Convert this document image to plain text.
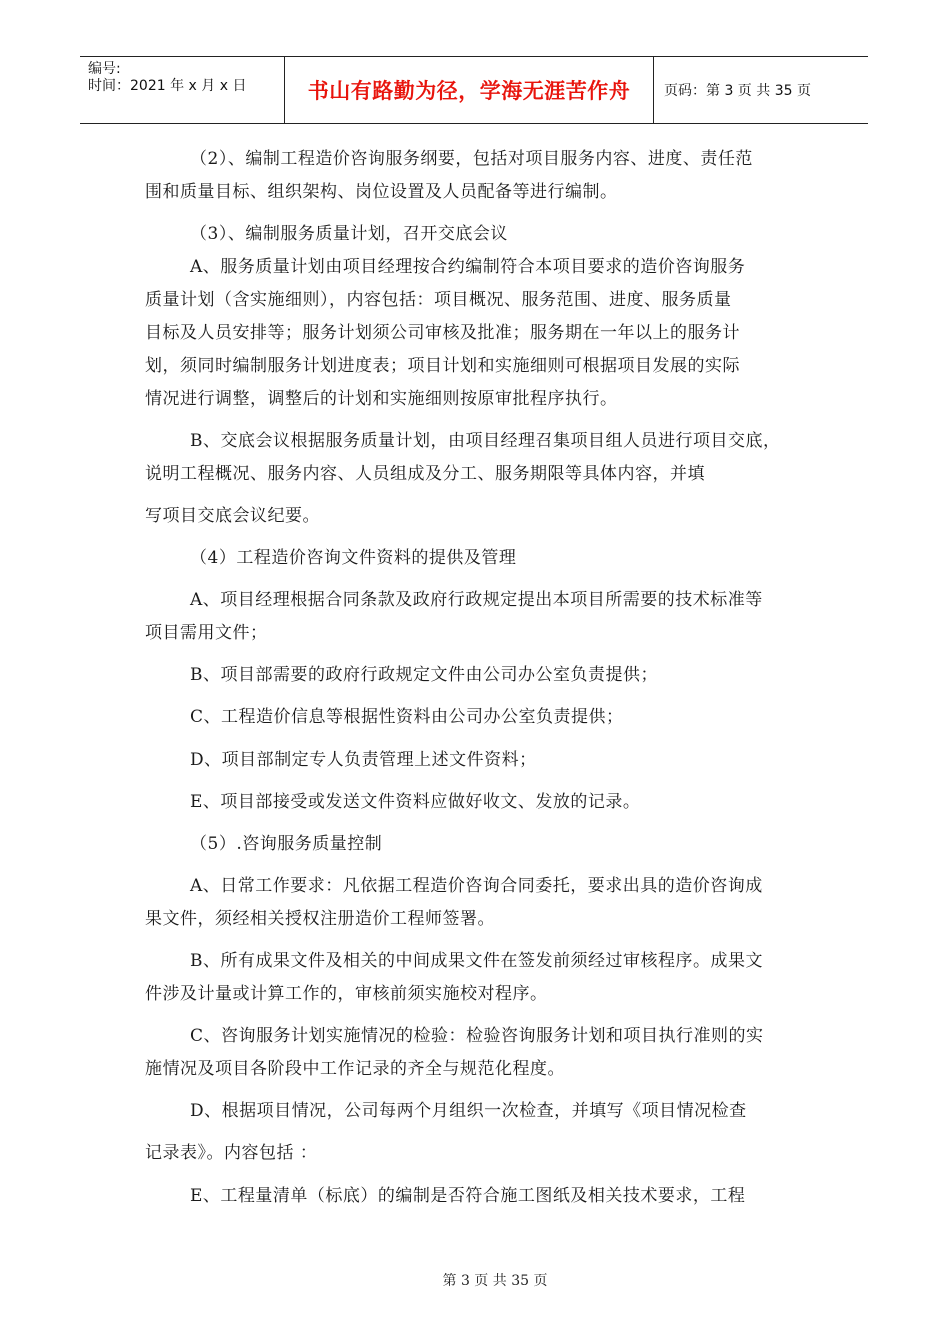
编号:
时间：2021 年 x 月 x 日	书山有路勤为径，学海无涯苦作舟	页码：第 3 页 共 35 页
（2）、编制工程造价咨询服务纲要，包括对项目服务内容、进度、责任范
围和质量目标、组织架构、岗位设置及人员配备等进行编制。
（3）、编制服务质量计划，召开交底会议
A、服务质量计划由项目经理按合约编制符合本项目要求的造价咨询服务
质量计划（含实施细则），内容包括：项目概况、服务范围、进度、服务质量
目标及人员安排等；服务计划须公司审核及批准；服务期在一年以上的服务计
划，须同时编制服务计划进度表；项目计划和实施细则可根据项目发展的实际
情况进行调整，调整后的计划和实施细则按原审批程序执行。
B、交底会议根据服务质量计划，由项目经理召集项目组人员进行项目交底，
说明工程概况、服务内容、人员组成及分工、服务期限等具体内容，并填
写项目交底会议纪要。
（4）工程造价咨询文件资料的提供及管理
A、项目经理根据合同条款及政府行政规定提出本项目所需要的技术标准等
项目需用文件；
B、项目部需要的政府行政规定文件由公司办公室负责提供；
C、工程造价信息等根据性资料由公司办公室负责提供；
D、项目部制定专人负责管理上述文件资料；
E、项目部接受或发送文件资料应做好收文、发放的记录。
（5）.咨询服务质量控制
A、日常工作要求：凡依据工程造价咨询合同委托，要求出具的造价咨询成
果文件，须经相关授权注册造价工程师签署。
B、所有成果文件及相关的中间成果文件在签发前须经过审核程序。成果文
件涉及计量或计算工作的，审核前须实施校对程序。
C、咨询服务计划实施情况的检验：检验咨询服务计划和项目执行准则的实
施情况及项目各阶段中工作记录的齐全与规范化程度。
D、根据项目情况，公司每两个月组织一次检查，并填写《项目情况检查
记录表》。内容包括 ：
E、工程量清单（标底）的编制是否符合施工图纸及相关技术要求，工程
第 3 页 共 35 页
